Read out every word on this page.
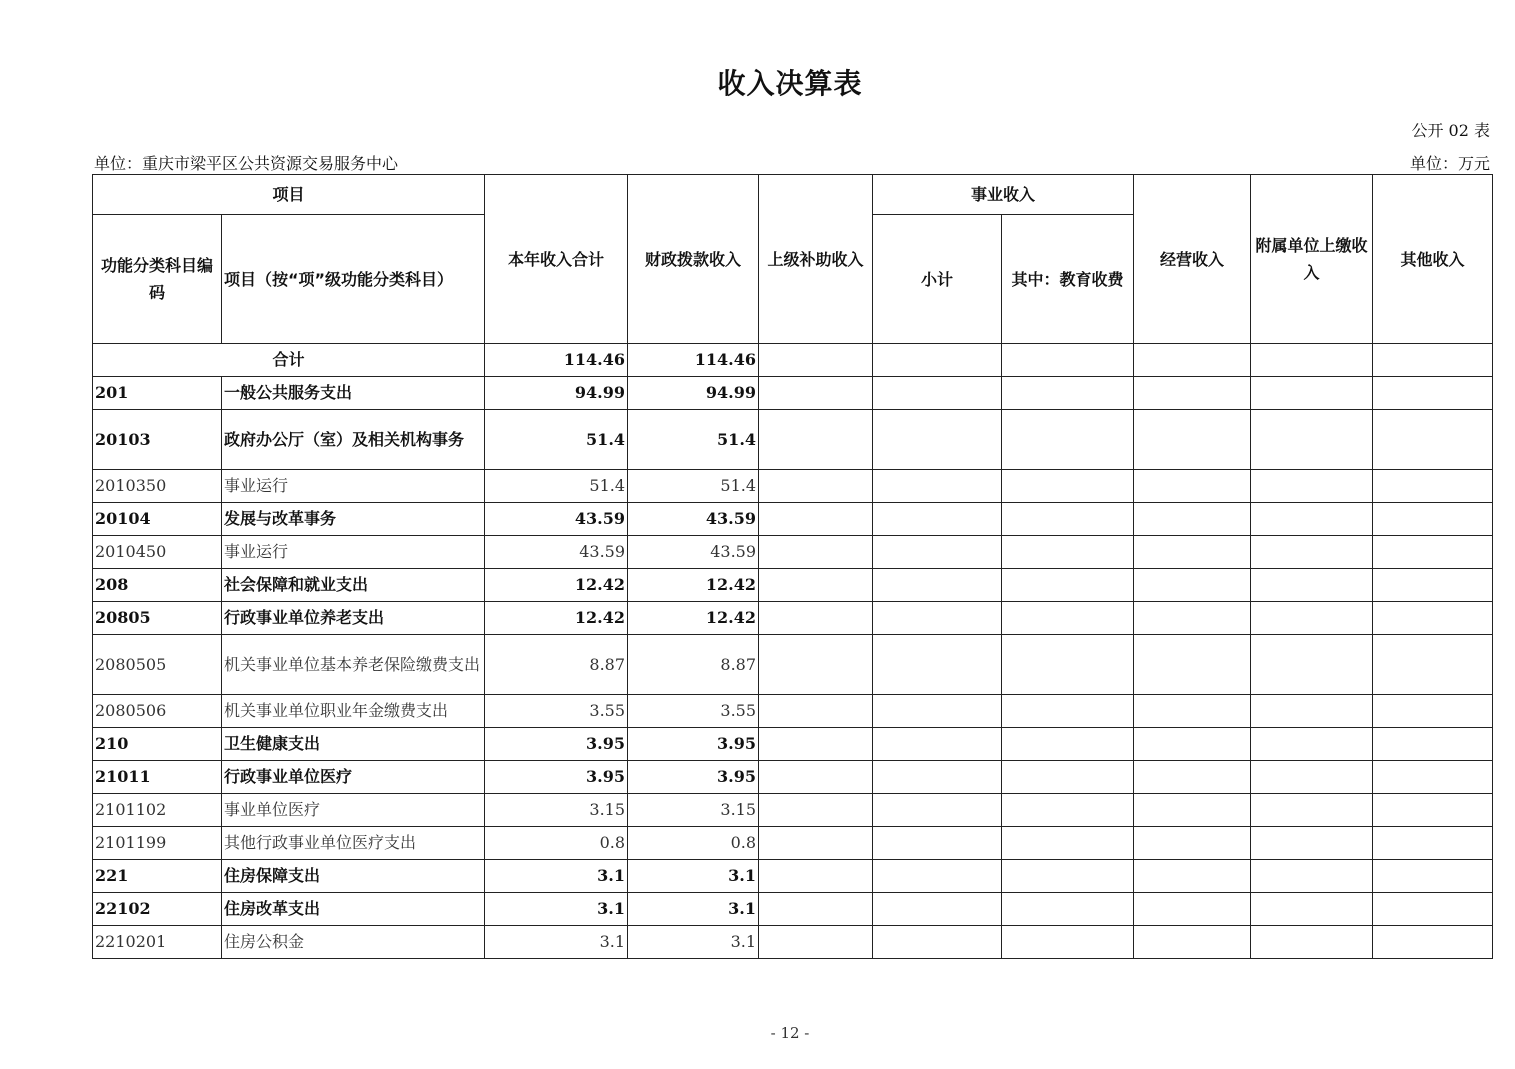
收入决算表
公开 02 表
单位：重庆市梁平区公共资源交易服务中心	单位：万元
项目		本年收入合计	财政拨款收入	上级补助收入	事业收入		经营收入	附属单位上缴收入	其他收入
功能分类科目编码	项目（按“项”级功能分类科目）				小计	其中：教育收费			
合计		114.46	114.46						
201	一般公共服务支出	94.99	94.99						
20103	政府办公厅（室）及相关机构事务	51.4	51.4						
2010350	事业运行	51.4	51.4						
20104	发展与改革事务	43.59	43.59						
2010450	事业运行	43.59	43.59						
208	社会保障和就业支出	12.42	12.42						
20805	行政事业单位养老支出	12.42	12.42						
2080505	机关事业单位基本养老保险缴费支出	8.87	8.87						
2080506	机关事业单位职业年金缴费支出	3.55	3.55						
210	卫生健康支出	3.95	3.95						
21011	行政事业单位医疗	3.95	3.95						
2101102	事业单位医疗	3.15	3.15						
2101199	其他行政事业单位医疗支出	0.8	0.8						
221	住房保障支出	3.1	3.1						
22102	住房改革支出	3.1	3.1						
2210201	住房公积金	3.1	3.1						
- 12 -
